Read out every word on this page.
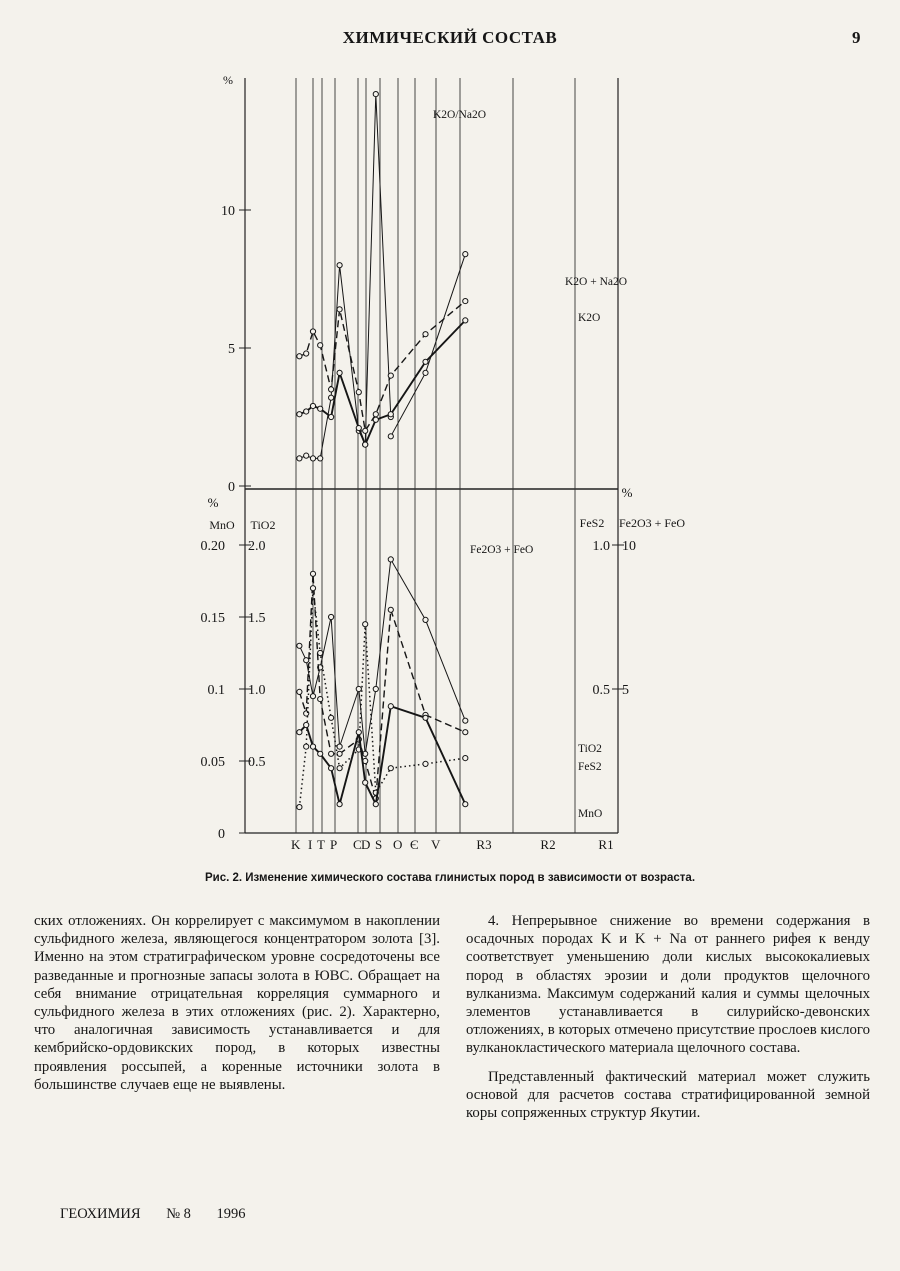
ХИМИЧЕСКИЙ СОСТАВ	9
%
10
5
0
%
%
MnO TiO2	FeS2 Fe2O3 + FeO
0.20
0.15
0.1
0.05
0
2.0
1.5
1.0
0.5
1.0 10
0.5 5
K I T P C D S O Є V	R3	R2	R1
K2O/Na2O
K2O + Na2O
K2O
Fe2O3 + FeO
TiO2
FeS2
MnO
Рис. 2. Изменение химического состава глинистых пород в зависимости от возраста.

ских отложениях. Он коррелирует с максимумом в накоплении сульфидного железа, являющегося концентратором золота [3]. Именно на этом стратиграфическом уровне сосредоточены все разведанные и прогнозные запасы золота в ЮВС. Обращает на себя внимание отрицательная корреляция суммарного и сульфидного железа в этих отложениях (рис. 2). Характерно, что аналогичная зависимость устанавливается и для кембрийско-ордовикских пород, в которых известны проявления россыпей, а коренные источники золота в большинстве случаев еще не выявлены.

4. Непрерывное снижение во времени содержания в осадочных породах K и K + Na от раннего рифея к венду соответствует уменьшению доли кислых высококалиевых пород в областях эрозии и доли продуктов щелочного вулканизма. Максимум содержаний калия и суммы щелочных элементов устанавливается в силурийско-девонских отложениях, в которых отмечено присутствие прослоев кислого вулканокластического материала щелочного состава.

Представленный фактический материал может служить основой для расчетов состава стратифицированной земной коры сопряженных структур Якутии.

ГЕОХИМИЯ № 8 1996
